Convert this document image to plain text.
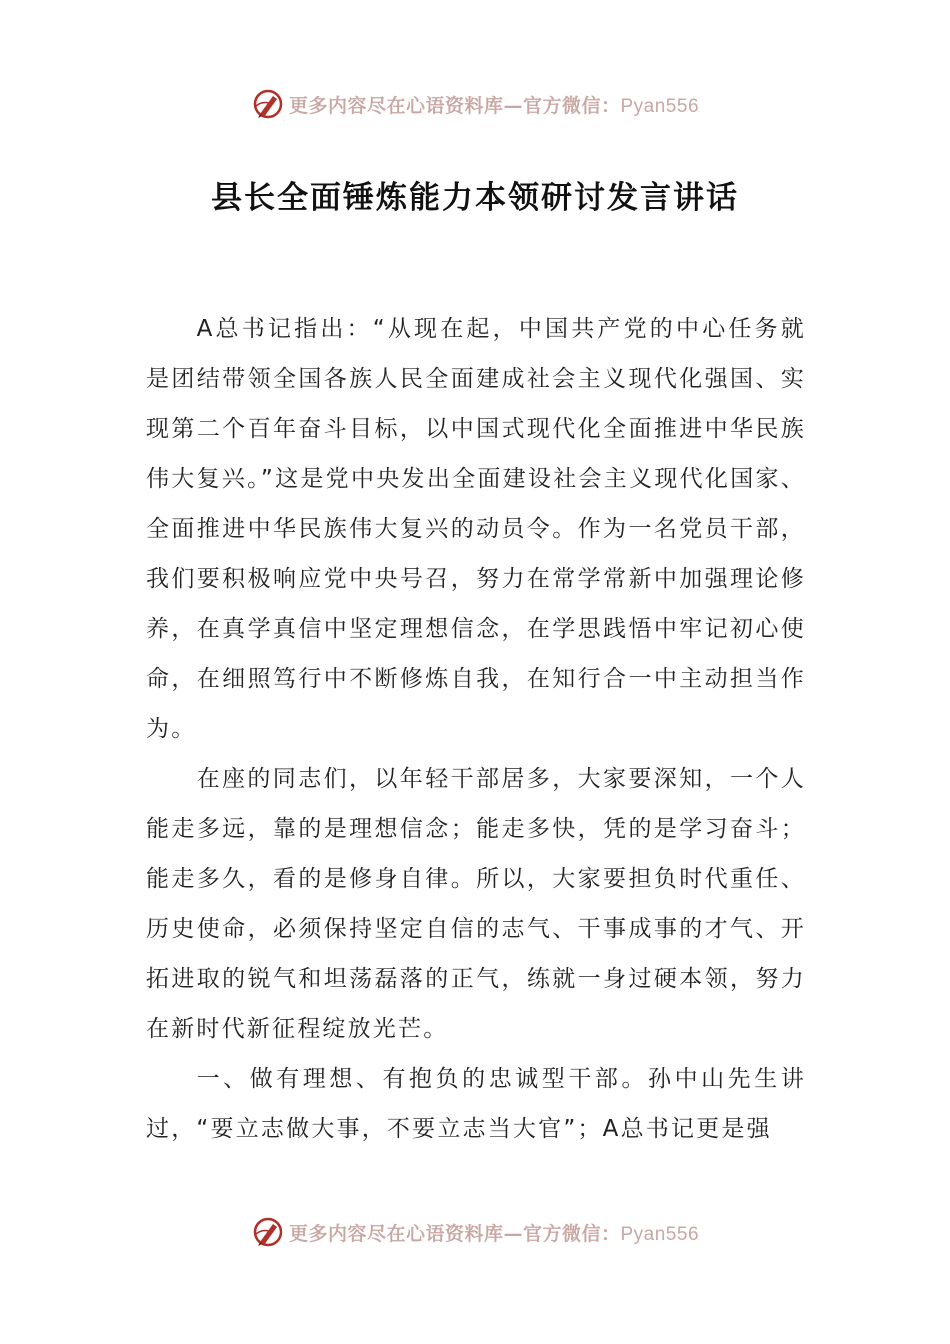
更多内容尽在心语资料库—官方微信：Pyan556
县长全面锤炼能力本领研讨发言讲话

A总书记指出：“从现在起，中国共产党的中心任务就是团结带领全国各族人民全面建成社会主义现代化强国、实现第二个百年奋斗目标，以中国式现代化全面推进中华民族伟大复兴。”这是党中央发出全面建设社会主义现代化国家、全面推进中华民族伟大复兴的动员令。作为一名党员干部，我们要积极响应党中央号召，努力在常学常新中加强理论修养，在真学真信中坚定理想信念，在学思践悟中牢记初心使命，在细照笃行中不断修炼自我，在知行合一中主动担当作为。

在座的同志们，以年轻干部居多，大家要深知，一个人能走多远，靠的是理想信念；能走多快，凭的是学习奋斗；能走多久，看的是修身自律。所以，大家要担负时代重任、历史使命，必须保持坚定自信的志气、干事成事的才气、开拓进取的锐气和坦荡磊落的正气，练就一身过硬本领，努力在新时代新征程绽放光芒。

一、做有理想、有抱负的忠诚型干部。孙中山先生讲过，“要立志做大事，不要立志当大官”；A总书记更是强

更多内容尽在心语资料库—官方微信：Pyan556
